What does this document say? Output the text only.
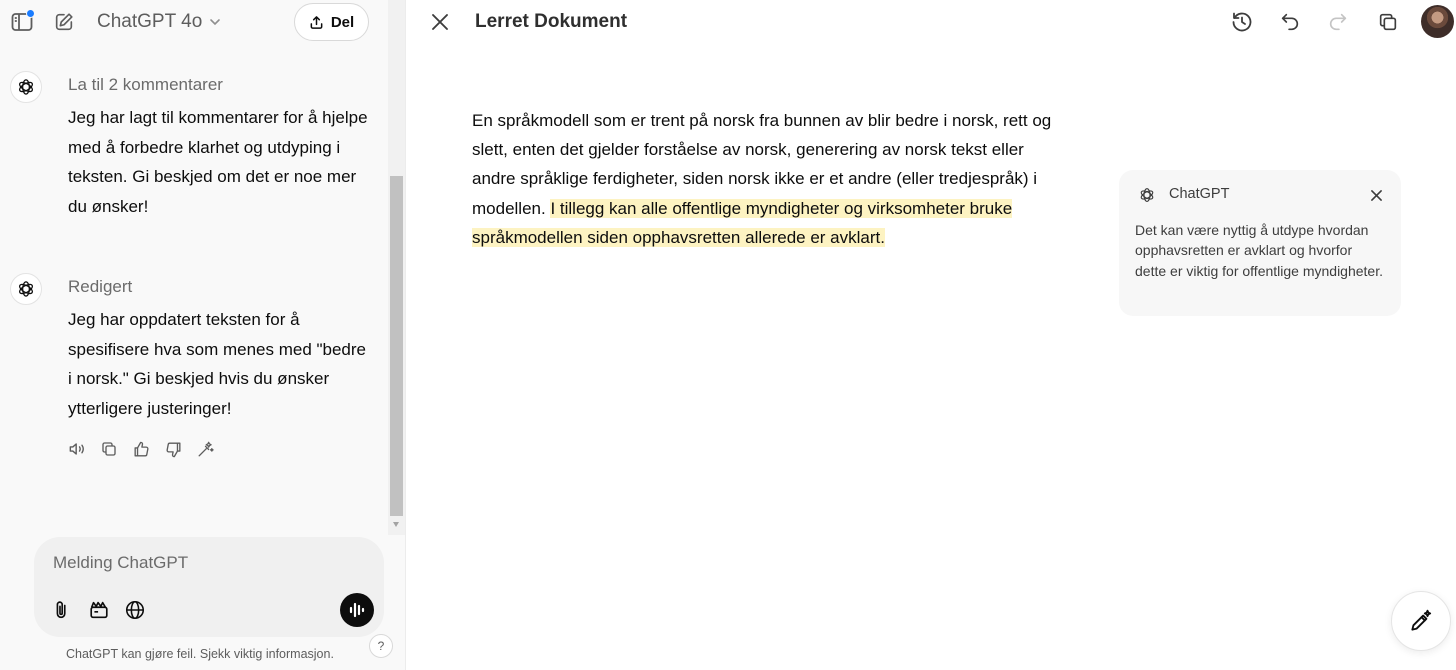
ChatGPT 4o	Del
La til 2 kommentarer
Jeg har lagt til kommentarer for å hjelpe med å forbedre klarhet og utdyping i teksten. Gi beskjed om det er noe mer du ønsker!
Redigert
Jeg har oppdatert teksten for å spesifisere hva som menes med "bedre i norsk." Gi beskjed hvis du ønsker ytterligere justeringer!
Melding ChatGPT
ChatGPT kan gjøre feil. Sjekk viktig informasjon.
?
Lerret Dokument
En språkmodell som er trent på norsk fra bunnen av blir bedre i norsk, rett og slett, enten det gjelder forståelse av norsk, generering av norsk tekst eller andre språklige ferdigheter, siden norsk ikke er et andre (eller tredjespråk) i modellen. I tillegg kan alle offentlige myndigheter og virksomheter bruke språkmodellen siden opphavsretten allerede er avklart.
ChatGPT
Det kan være nyttig å utdype hvordan opphavsretten er avklart og hvorfor dette er viktig for offentlige myndigheter.
